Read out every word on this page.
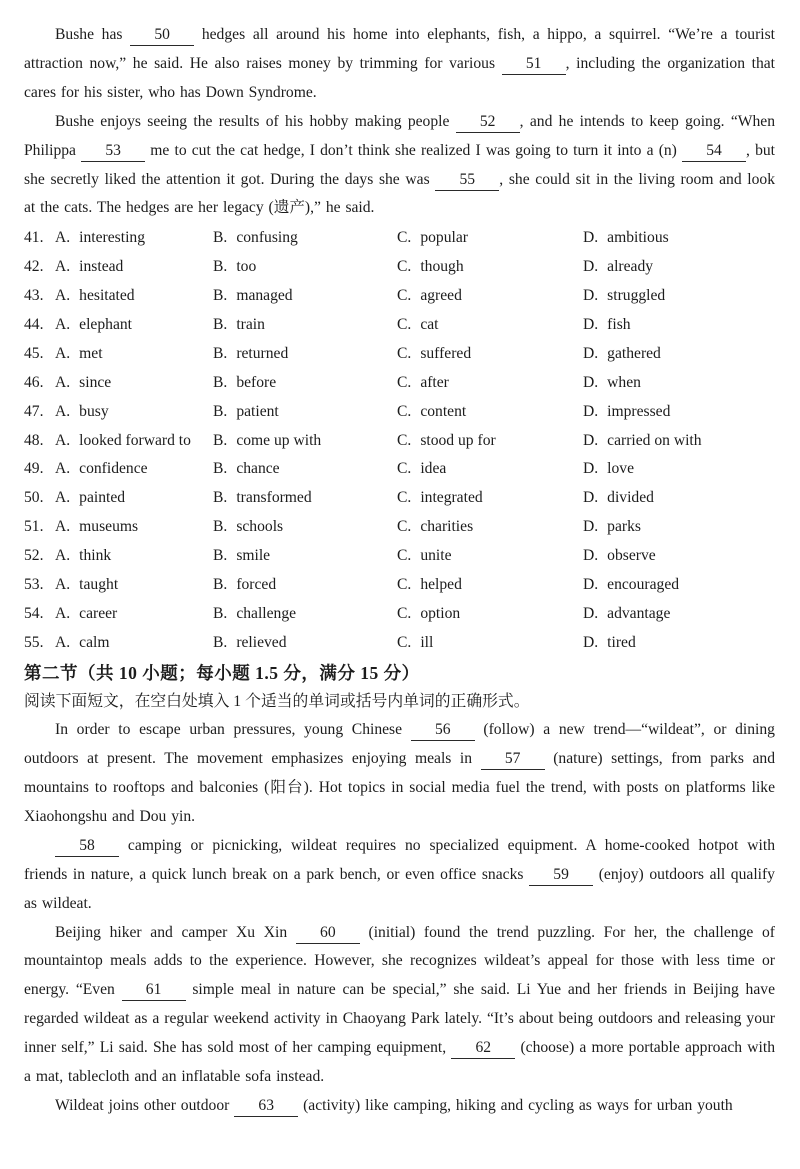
Bushe has 50 hedges all around his home into elephants, fish, a hippo, a squirrel. “We’re a tourist attraction now,” he said. He also raises money by trimming for various 51 , including the organization that cares for his sister, who has Down Syndrome.
Bushe enjoys seeing the results of his hobby making people 52 , and he intends to keep going. “When Philippa 53 me to cut the cat hedge, I don’t think she realized I was going to turn it into a (n) 54 , but she secretly liked the attention it got. During the days she was 55 , she could sit in the living room and look at the cats. The hedges are her legacy (遗产),” he said.
41. A. interesting	B. confusing	C. popular	D. ambitious
42. A. instead	B. too	C. though	D. already
43. A. hesitated	B. managed	C. agreed	D. struggled
44. A. elephant	B. train	C. cat	D. fish
45. A. met	B. returned	C. suffered	D. gathered
46. A. since	B. before	C. after	D. when
47. A. busy	B. patient	C. content	D. impressed
48. A. looked forward to	B. come up with	C. stood up for	D. carried on with
49. A. confidence	B. chance	C. idea	D. love
50. A. painted	B. transformed	C. integrated	D. divided
51. A. museums	B. schools	C. charities	D. parks
52. A. think	B. smile	C. unite	D. observe
53. A. taught	B. forced	C. helped	D. encouraged
54. A. career	B. challenge	C. option	D. advantage
55. A. calm	B. relieved	C. ill	D. tired
第二节（共 10 小题；每小题 1.5 分，满分 15 分）
阅读下面短文，在空白处填入 1 个适当的单词或括号内单词的正确形式。
In order to escape urban pressures, young Chinese 56 (follow) a new trend—“wildeat”, or dining outdoors at present. The movement emphasizes enjoying meals in 57 (nature) settings, from parks and mountains to rooftops and balconies (阳台). Hot topics in social media fuel the trend, with posts on platforms like Xiaohongshu and Dou yin.
58 camping or picnicking, wildeat requires no specialized equipment. A home-cooked hotpot with friends in nature, a quick lunch break on a park bench, or even office snacks 59 (enjoy) outdoors all qualify as wildeat.
Beijing hiker and camper Xu Xin 60 (initial) found the trend puzzling. For her, the challenge of mountaintop meals adds to the experience. However, she recognizes wildeat’s appeal for those with less time or energy. “Even 61 simple meal in nature can be special,” she said. Li Yue and her friends in Beijing have regarded wildeat as a regular weekend activity in Chaoyang Park lately. “It’s about being outdoors and releasing your inner self,” Li said. She has sold most of her camping equipment, 62 (choose) a more portable approach with a mat, tablecloth and an inflatable sofa instead.
Wildeat joins other outdoor 63 (activity) like camping, hiking and cycling as ways for urban youth
